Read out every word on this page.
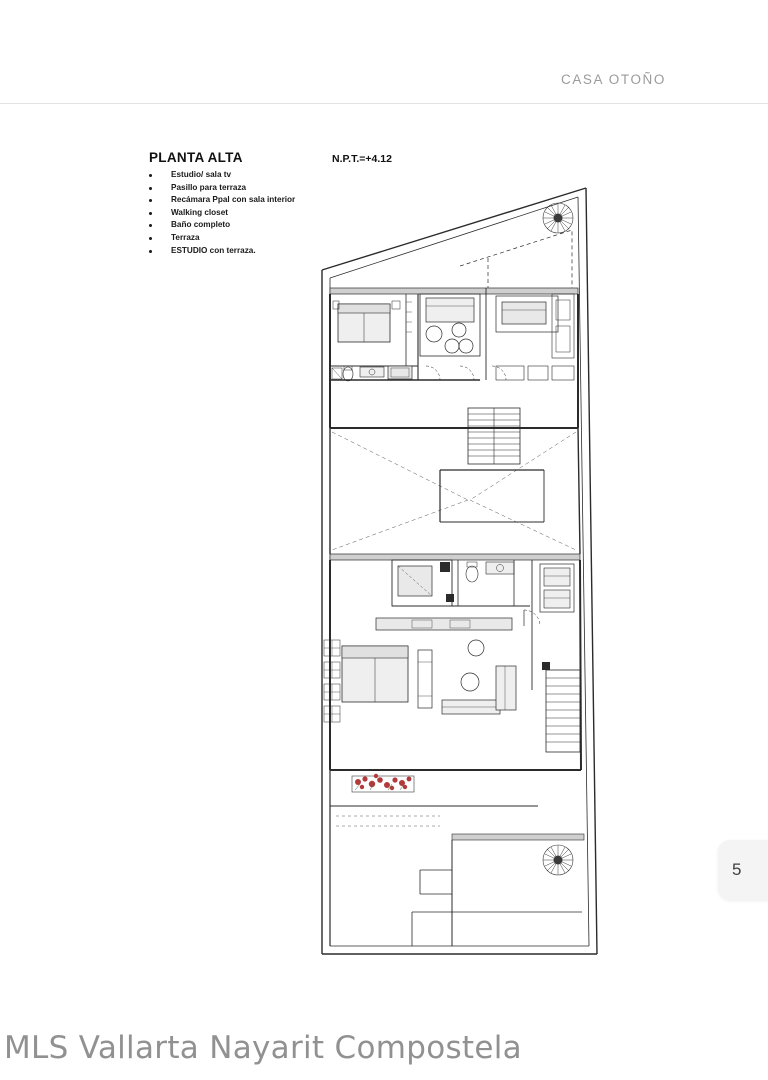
CASA OTOÑO
PLANTA ALTA
Estudio/ sala tv
Pasillo para terraza
Recámara Ppal con sala interior
Walking closet
Baño completo
Terraza
ESTUDIO con terraza.
N.P.T.=+4.12
5
MLS Vallarta Nayarit Compostela
